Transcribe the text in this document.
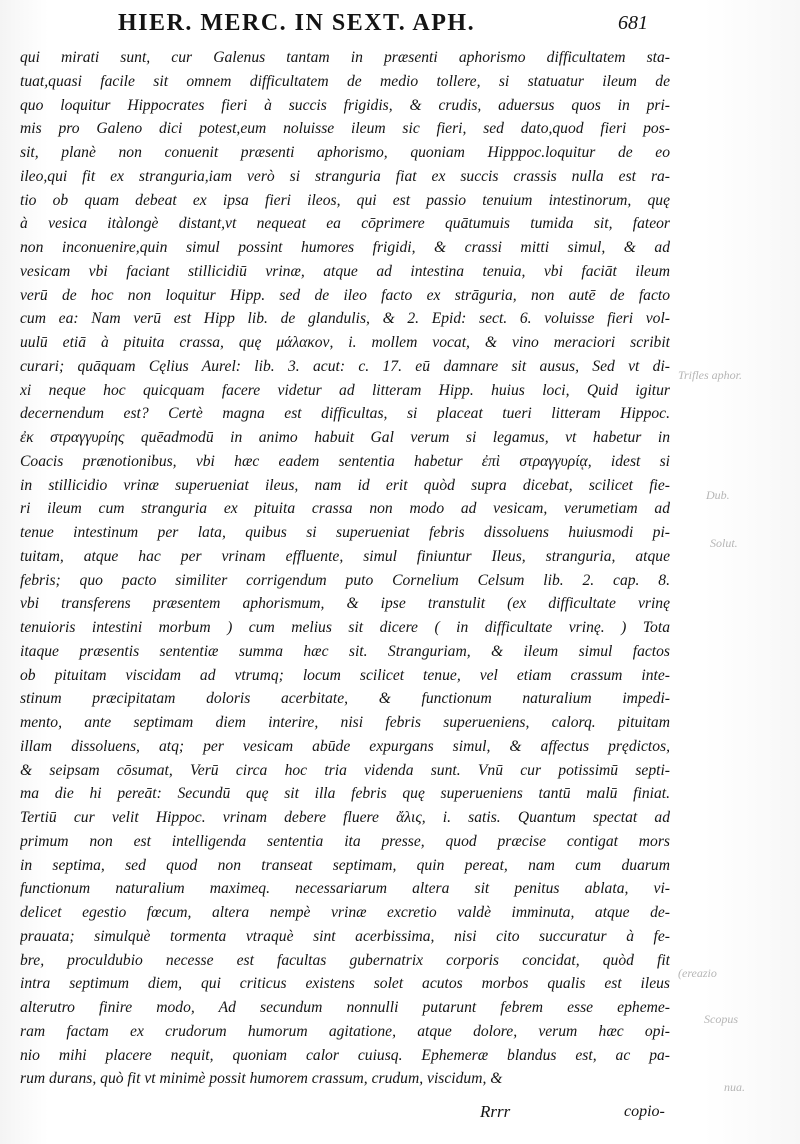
HIER. MERC. IN SEXT. APH.	681
qui mirati sunt, cur Galenus tantam in præsenti aphorismo difficultatem sta-
tuat,quasi facile sit omnem difficultatem de medio tollere, si statuatur ileum de
quo loquitur Hippocrates fieri à succis frigidis, & crudis, aduersus quos in pri-
mis pro Galeno dici potest,eum noluisse ileum sic fieri, sed dato,quod fieri pos-
sit, planè non conuenit præsenti aphorismo, quoniam Hipppoc.loquitur de eo
ileo,qui fit ex stranguria,iam verò si stranguria fiat ex succis crassis nulla est ra-
tio ob quam debeat ex ipsa fieri ileos, qui est passio tenuium intestinorum, quę
à vesica itàlongè distant,vt nequeat ea cōprimere quātumuis tumida sit, fateor
non inconuenire,quin simul possint humores frigidi, & crassi mitti simul, & ad
vesicam vbi faciant stillicidiū vrinæ, atque ad intestina tenuia, vbi faciāt ileum
verū de hoc non loquitur Hipp. sed de ileo facto ex strāguria, non autē de facto
cum ea: Nam verū est Hipp lib. de glandulis, & 2. Epid: sect. 6. voluisse fieri vol-
uulū etiā à pituita crassa, quę μάλακον, i. mollem vocat, & vino meraciori scribit
curari; quāquam Cęlius Aurel: lib. 3. acut: c. 17. eū damnare sit ausus, Sed vt di-
xi neque hoc quicquam facere videtur ad litteram Hipp. huius loci, Quid igitur
decernendum est? Certè magna est difficultas, si placeat tueri litteram Hippoc.
ἐκ στραγγυρίης quēadmodū in animo habuit Gal verum si legamus, vt habetur in
Coacis prænotionibus, vbi hæc eadem sententia habetur ἐπὶ στραγγυρίᾳ, idest si
in stillicidio vrinæ superueniat ileus, nam id erit quòd supra dicebat, scilicet fie-
ri ileum cum stranguria ex pituita crassa non modo ad vesicam, verumetiam ad
tenue intestinum per lata, quibus si superueniat febris dissoluens huiusmodi pi-
tuitam, atque hac per vrinam effluente, simul finiuntur Ileus, stranguria, atque
febris; quo pacto similiter corrigendum puto Cornelium Celsum lib. 2. cap. 8.
vbi transferens præsentem aphorismum, & ipse transtulit (ex difficultate vrinę
tenuioris intestini morbum ) cum melius sit dicere ( in difficultate vrinę. ) Tota
itaque præsentis sententiæ summa hæc sit. Stranguriam, & ileum simul factos
ob pituitam viscidam ad vtrumq; locum scilicet tenue, vel etiam crassum inte-
stinum præcipitatam doloris acerbitate, & functionum naturalium impedi-
mento, ante septimam diem interire, nisi febris superueniens, calorq. pituitam
illam dissoluens, atq; per vesicam abūde expurgans simul, & affectus prędictos,
& seipsam cōsumat, Verū circa hoc tria videnda sunt. Vnū cur potissimū septi-
ma die hi pereāt: Secundū quę sit illa febris quę superueniens tantū malū finiat.
Tertiū cur velit Hippoc. vrinam debere fluere ἄλις, i. satis. Quantum spectat ad
primum non est intelligenda sententia ita presse, quod præcise contigat mors
in septima, sed quod non transeat septimam, quin pereat, nam cum duarum
functionum naturalium maximeq. necessariarum altera sit penitus ablata, vi-
delicet egestio fœcum, altera nempè vrinæ excretio valdè imminuta, atque de-
prauata; simulquè tormenta vtraquè sint acerbissima, nisi cito succuratur à fe-
bre, proculdubio necesse est facultas gubernatrix corporis concidat, quòd fit
intra septimum diem, qui criticus existens solet acutos morbos qualis est ileus
alterutro finire modo, Ad secundum nonnulli putarunt febrem esse epheme-
ram factam ex crudorum humorum agitatione, atque dolore, verum hæc opi-
nio mihi placere nequit, quoniam calor cuiusq. Ephemeræ blandus est, ac pa-
rum durans, quò fit vt minimè possit humorem crassum, crudum, viscidum, &
Trifles aphor.
Dub.
Solut.
(ereazio
Scopus
nua.
Rrrr	copio-
